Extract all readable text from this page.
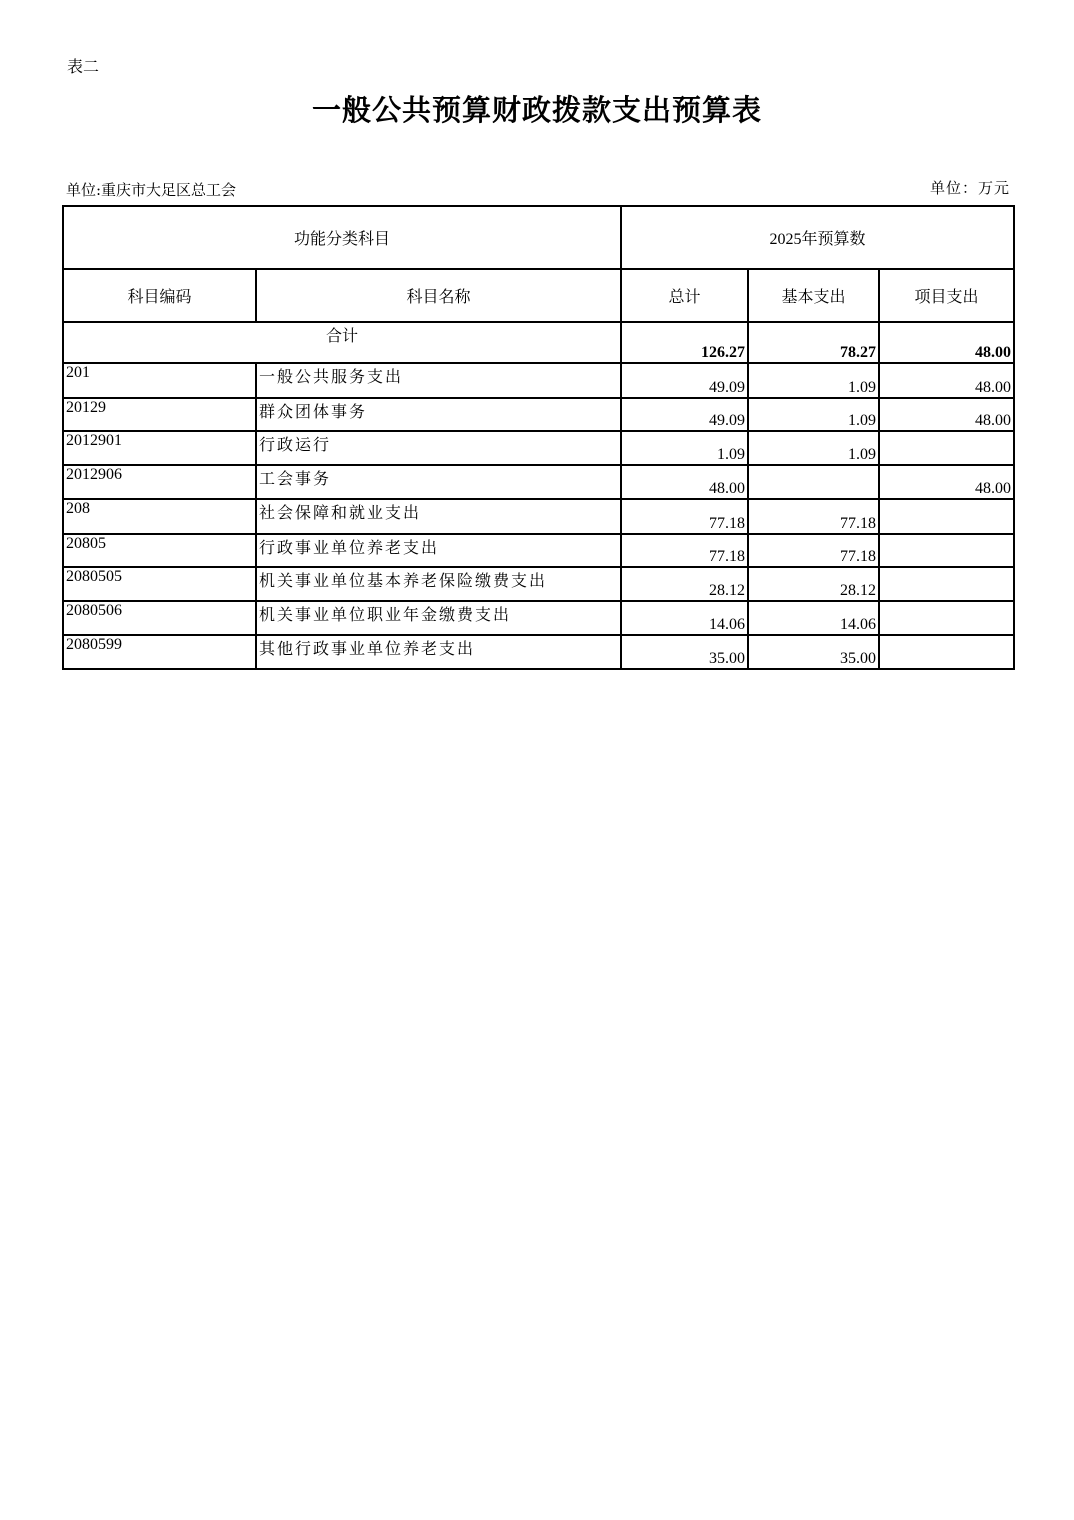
表二
一般公共预算财政拨款支出预算表
单位:重庆市大足区总工会	单位：万元
功能分类科目		2025年预算数		
科目编码	科目名称	总计	基本支出	项目支出
合计		126.27	78.27	48.00
201	一般公共服务支出	49.09	1.09	48.00
20129	群众团体事务	49.09	1.09	48.00
2012901	行政运行	1.09	1.09	
2012906	工会事务	48.00		48.00
208	社会保障和就业支出	77.18	77.18	
20805	行政事业单位养老支出	77.18	77.18	
2080505	机关事业单位基本养老保险缴费支出	28.12	28.12	
2080506	机关事业单位职业年金缴费支出	14.06	14.06	
2080599	其他行政事业单位养老支出	35.00	35.00	
